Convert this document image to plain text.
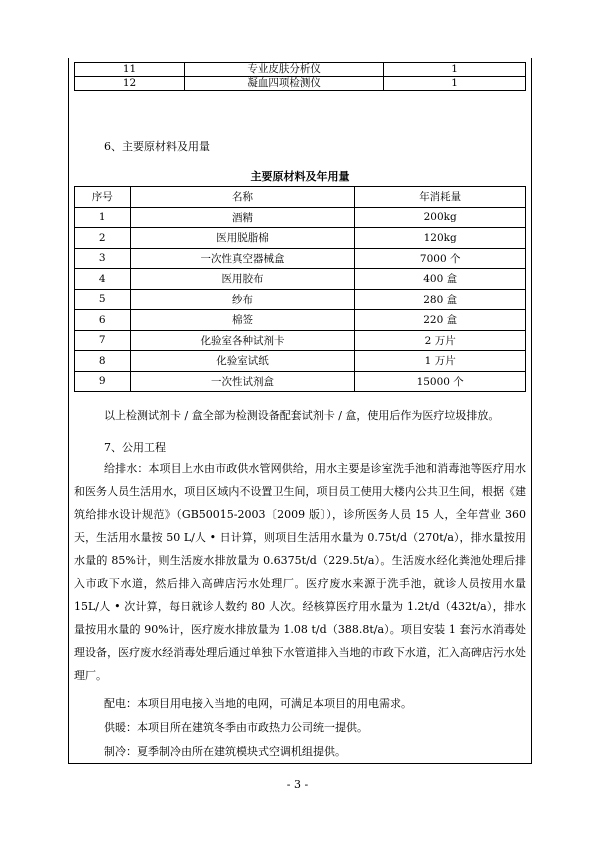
11	专业皮肤分析仪	1
12	凝血四项检测仪	1
6、主要原材料及用量
主要原材料及年用量
序号	名称	年消耗量
1	酒精	200kg
2	医用脱脂棉	120kg
3	一次性真空器械盒	7000 个
4	医用胶布	400 盒
5	纱布	280 盒
6	棉签	220 盒
7	化验室各种试剂卡	2 万片
8	化验室试纸	1 万片
9	一次性试剂盒	15000 个
以上检测试剂卡 / 盒全部为检测设备配套试剂卡 / 盒，使用后作为医疗垃圾排放。
7、公用工程

给排水：本项目上水由市政供水管网供给，用水主要是诊室洗手池和消毒池等医疗用水和医务人员生活用水，项目区域内不设置卫生间，项目员工使用大楼内公共卫生间，根据《建筑给排水设计规范》（GB50015-2003〔2009 版〕），诊所医务人员 15 人，全年营业 360 天，生活用水量按 50 L/人 • 日计算，则项目生活用水量为 0.75t/d（270t/a），排水量按用水量的 85%计，则生活废水排放量为 0.6375t/d（229.5t/a）。生活废水经化粪池处理后排入市政下水道，然后排入高碑店污水处理厂。医疗废水来源于洗手池，就诊人员按用水量 15L/人 • 次计算，每日就诊人数约 80 人次。经核算医疗用水量为 1.2t/d（432t/a），排水量按用水量的 90%计，医疗废水排放量为 1.08 t/d（388.8t/a）。项目安装 1 套污水消毒处理设备，医疗废水经消毒处理后通过单独下水管道排入当地的市政下水道，汇入高碑店污水处理厂。

配电：本项目用电接入当地的电网，可满足本项目的用电需求。

供暖：本项目所在建筑冬季由市政热力公司统一提供。

制冷：夏季制冷由所在建筑模块式空调机组提供。

- 3 -
